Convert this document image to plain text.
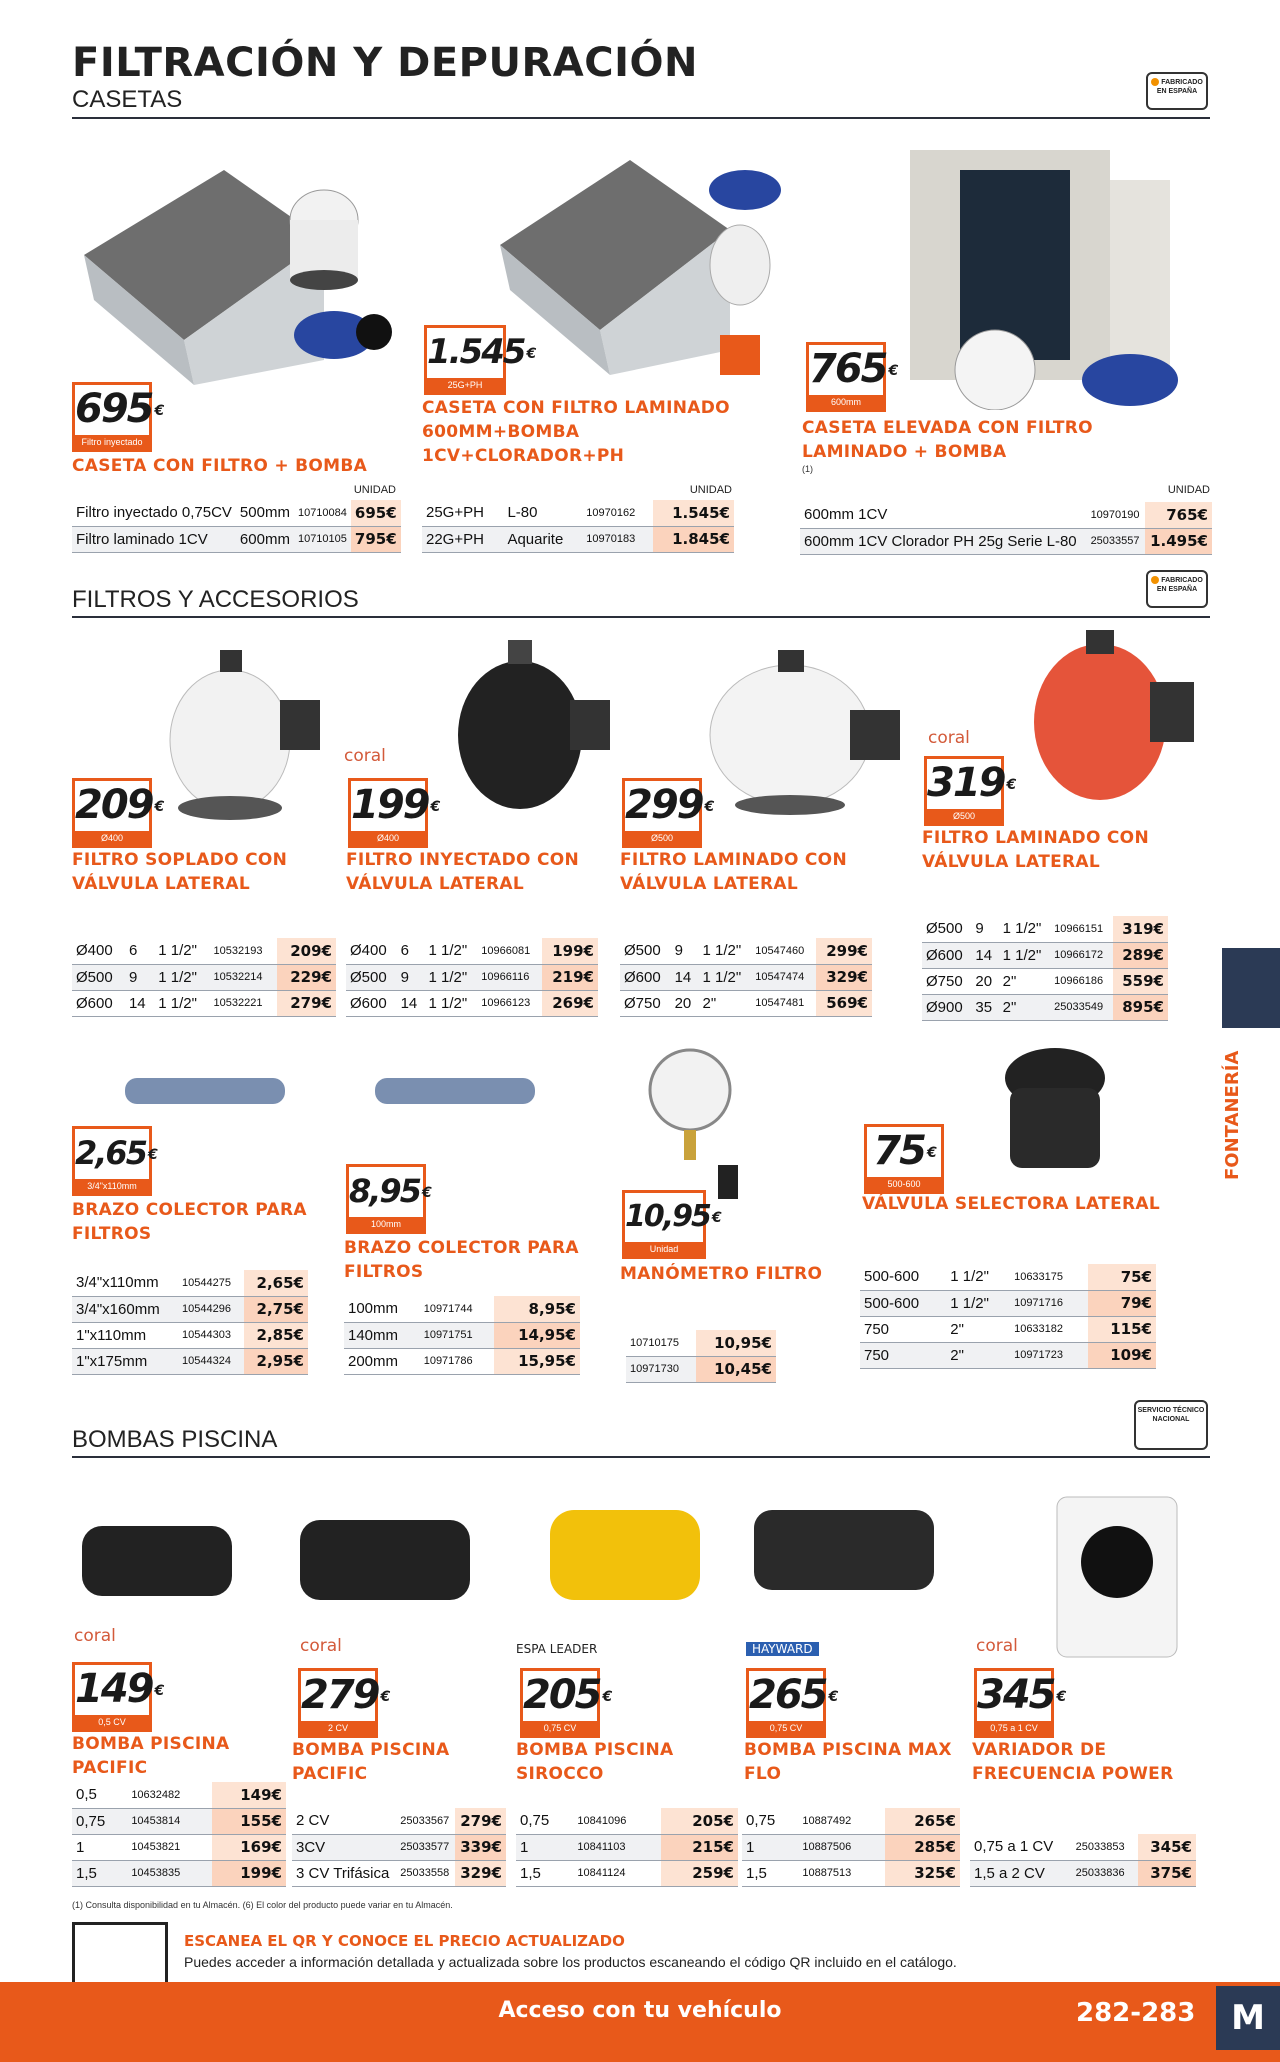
FILTRACIÓN Y DEPURACIÓN
CASETAS
FABRICADO EN ESPAÑA
695 €
Filtro inyectado
CASETA CON FILTRO + BOMBA
UNIDAD
Filtro inyectado 0,75CV	500mm	10710084	695€
Filtro laminado 1CV	600mm	10710105	795€
1.545 €
25G+PH
CASETA CON FILTRO LAMINADO 600MM+BOMBA 1CV+CLORADOR+PH
UNIDAD
25G+PH	L-80	10970162	1.545€
22G+PH	Aquarite	10970183	1.845€
765 €
600mm
CASETA ELEVADA CON FILTRO LAMINADO + BOMBA
(1)
UNIDAD
600mm 1CV	10970190	765€
600mm 1CV Clorador PH 25g Serie L-80	25033557	1.495€
FILTROS Y ACCESORIOS
FABRICADO EN ESPAÑA
209 €
Ø400
199 €
Ø400
299 €
Ø500
319 €
Ø500
coral
coral
FILTRO SOPLADO CON VÁLVULA LATERAL
FILTRO INYECTADO CON VÁLVULA LATERAL
FILTRO LAMINADO CON VÁLVULA LATERAL
FILTRO LAMINADO CON VÁLVULA LATERAL
Ø400	6	1 1/2"	10532193	209€
Ø500	9	1 1/2"	10532214	229€
Ø600	14	1 1/2"	10532221	279€
Ø400	6	1 1/2"	10966081	199€
Ø500	9	1 1/2"	10966116	219€
Ø600	14	1 1/2"	10966123	269€
Ø500	9	1 1/2"	10547460	299€
Ø600	14	1 1/2"	10547474	329€
Ø750	20	2"	10547481	569€
Ø500	9	1 1/2"	10966151	319€
Ø600	14	1 1/2"	10966172	289€
Ø750	20	2"	10966186	559€
Ø900	35	2"	25033549	895€
FONTANERÍA
2,65 €
3/4"x110mm	8,95 €
100mm	10,95 €
Unidad
75 €
500-600
BRAZO COLECTOR PARA FILTROS
BRAZO COLECTOR PARA FILTROS	MANÓMETRO FILTRO
VÁLVULA SELECTORA LATERAL
3/4"x110mm	10544275	2,65€
3/4"x160mm	10544296	2,75€
1"x110mm	10544303	2,85€
1"x175mm	10544324	2,95€
100mm	10971744	8,95€
140mm	10971751	14,95€
200mm	10971786	15,95€
10710175	10,95€
10971730	10,45€
500-600	1 1/2"	10633175	75€
500-600	1 1/2"	10971716	79€
750	2"	10633182	115€
750	2"	10971723	109€
BOMBAS PISCINA
SERVICIO TÉCNICO NACIONAL
coral	coral	ESPA LEADER	HAYWARD	coral
149 €
0,5 CV
279 €
2 CV
205 €
0,75 CV
265 €
0,75 CV
345 €
0,75 a 1 CV
BOMBA PISCINA PACIFIC
BOMBA PISCINA PACIFIC
BOMBA PISCINA SIROCCO
BOMBA PISCINA MAX FLO
VARIADOR DE FRECUENCIA POWER
0,5	10632482	149€
0,75	10453814	155€
1	10453821	169€
1,5	10453835	199€
2 CV	25033567	279€
3CV	25033577	339€
3 CV Trifásica	25033558	329€
0,75	10841096	205€
1	10841103	215€
1,5	10841124	259€
0,75	10887492	265€
1	10887506	285€
1,5	10887513	325€
0,75 a 1 CV	25033853	345€
1,5 a 2 CV	25033836	375€
(1) Consulta disponibilidad en tu Almacén. (6) El color del producto puede variar en tu Almacén.
ESCANEA EL QR Y CONOCE EL PRECIO ACTUALIZADO
Puedes acceder a información detallada y actualizada sobre los productos escaneando el código QR incluido en el catálogo.
Acceso con tu vehículo	282-283	M
